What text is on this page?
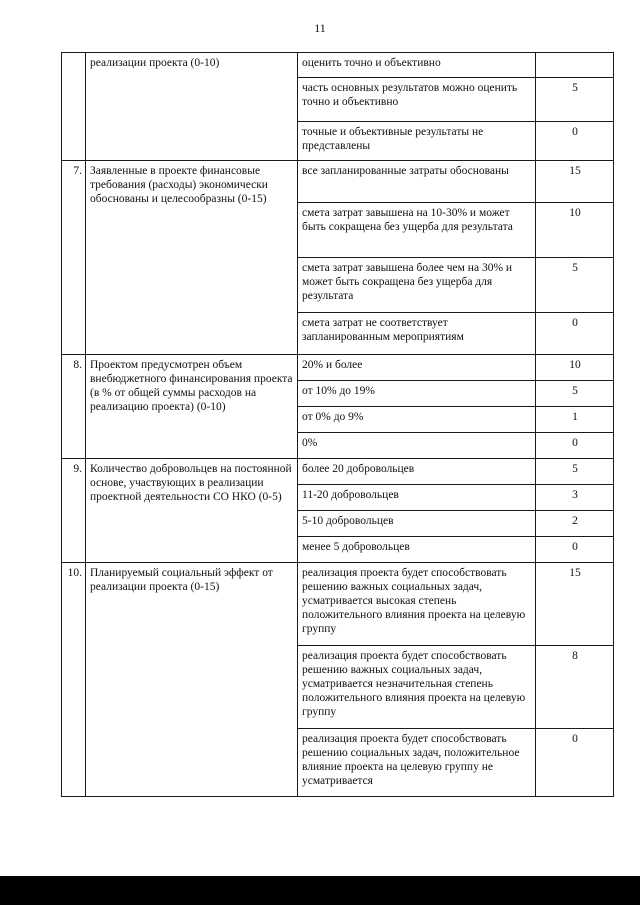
11
	реализации проекта (0-10)	оценить точно и объективно	
		часть основных результатов можно оценить точно и объективно	5
		точные и объективные результаты не представлены	0
7.	Заявленные в проекте финансовые требования (расходы) экономически обоснованы и целесообразны (0-15)	все запланированные затраты обоснованы	15
		смета затрат завышена на 10-30% и может быть сокращена без ущерба для результата	10
		смета затрат завышена более чем на 30% и может быть сокращена без ущерба для результата	5
		смета затрат не соответствует запланированным мероприятиям	0
8.	Проектом предусмотрен объем внебюджетного финансирования проекта (в % от общей суммы расходов на реализацию проекта) (0-10)	20% и более	10
		от 10% до 19%	5
		от 0% до 9%	1
		0%	0
9.	Количество добровольцев на постоянной основе, участвующих в реализации проектной деятельности СО НКО (0-5)	более 20 добровольцев	5
		11-20 добровольцев	3
		5-10 добровольцев	2
		менее 5 добровольцев	0
10.	Планируемый социальный эффект от реализации проекта (0-15)	реализация проекта будет способствовать решению важных социальных задач, усматривается высокая степень положительного влияния проекта на целевую группу	15
		реализация проекта будет способствовать решению важных социальных задач, усматривается незначительная степень положительного влияния проекта на целевую группу	8
		реализация проекта будет способствовать решению социальных задач, положительное влияние проекта на целевую группу не усматривается	0
